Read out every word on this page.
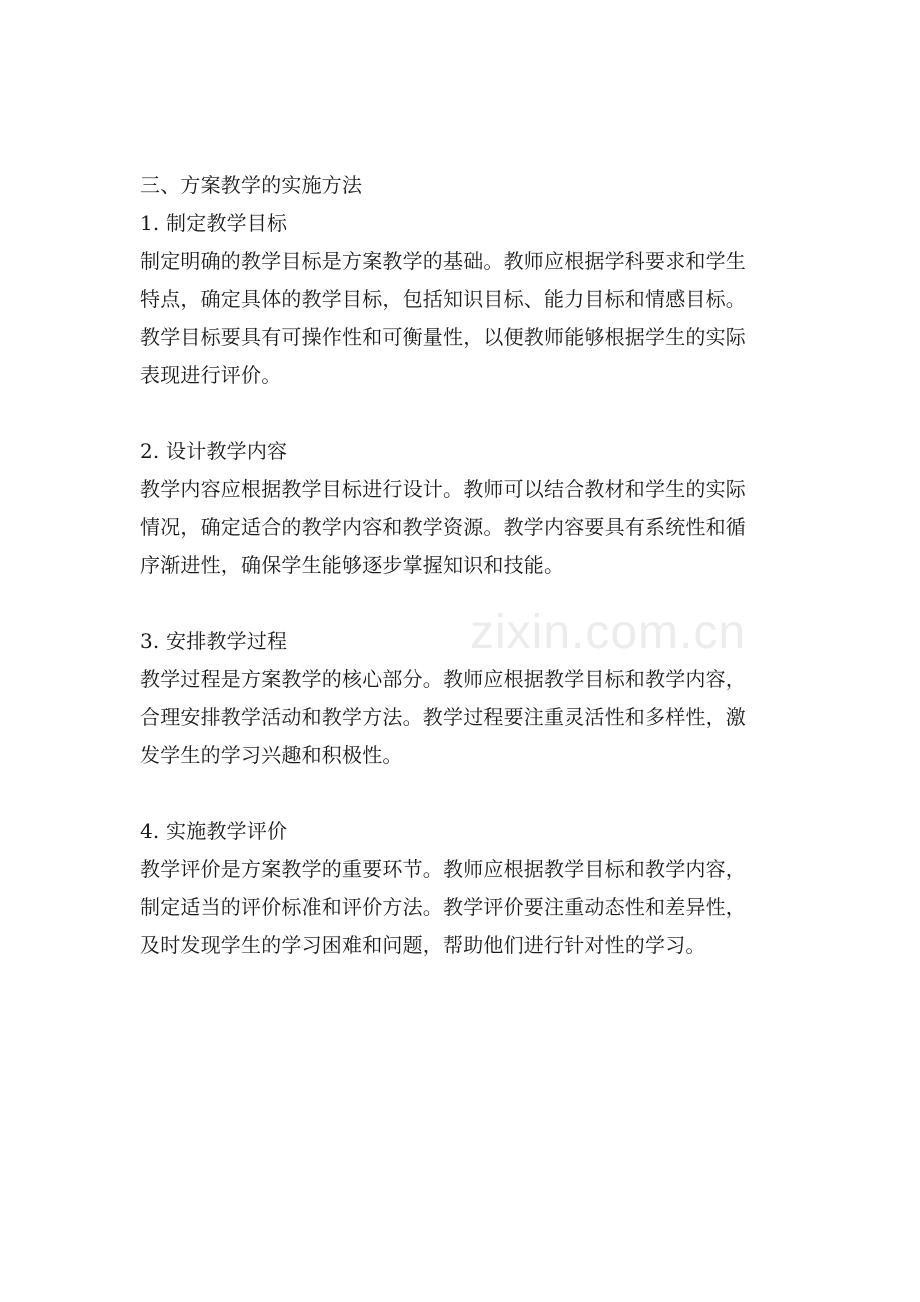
三、方案教学的实施方法
1. 制定教学目标
制定明确的教学目标是方案教学的基础。教师应根据学科要求和学生
特点，确定具体的教学目标，包括知识目标、能力目标和情感目标。
教学目标要具有可操作性和可衡量性，以便教师能够根据学生的实际
表现进行评价。
2. 设计教学内容
教学内容应根据教学目标进行设计。教师可以结合教材和学生的实际
情况，确定适合的教学内容和教学资源。教学内容要具有系统性和循
序渐进性，确保学生能够逐步掌握知识和技能。
3. 安排教学过程
教学过程是方案教学的核心部分。教师应根据教学目标和教学内容，
合理安排教学活动和教学方法。教学过程要注重灵活性和多样性，激
发学生的学习兴趣和积极性。
4. 实施教学评价
教学评价是方案教学的重要环节。教师应根据教学目标和教学内容，
制定适当的评价标准和评价方法。教学评价要注重动态性和差异性，
及时发现学生的学习困难和问题，帮助他们进行针对性的学习。
zixin.com.cn
